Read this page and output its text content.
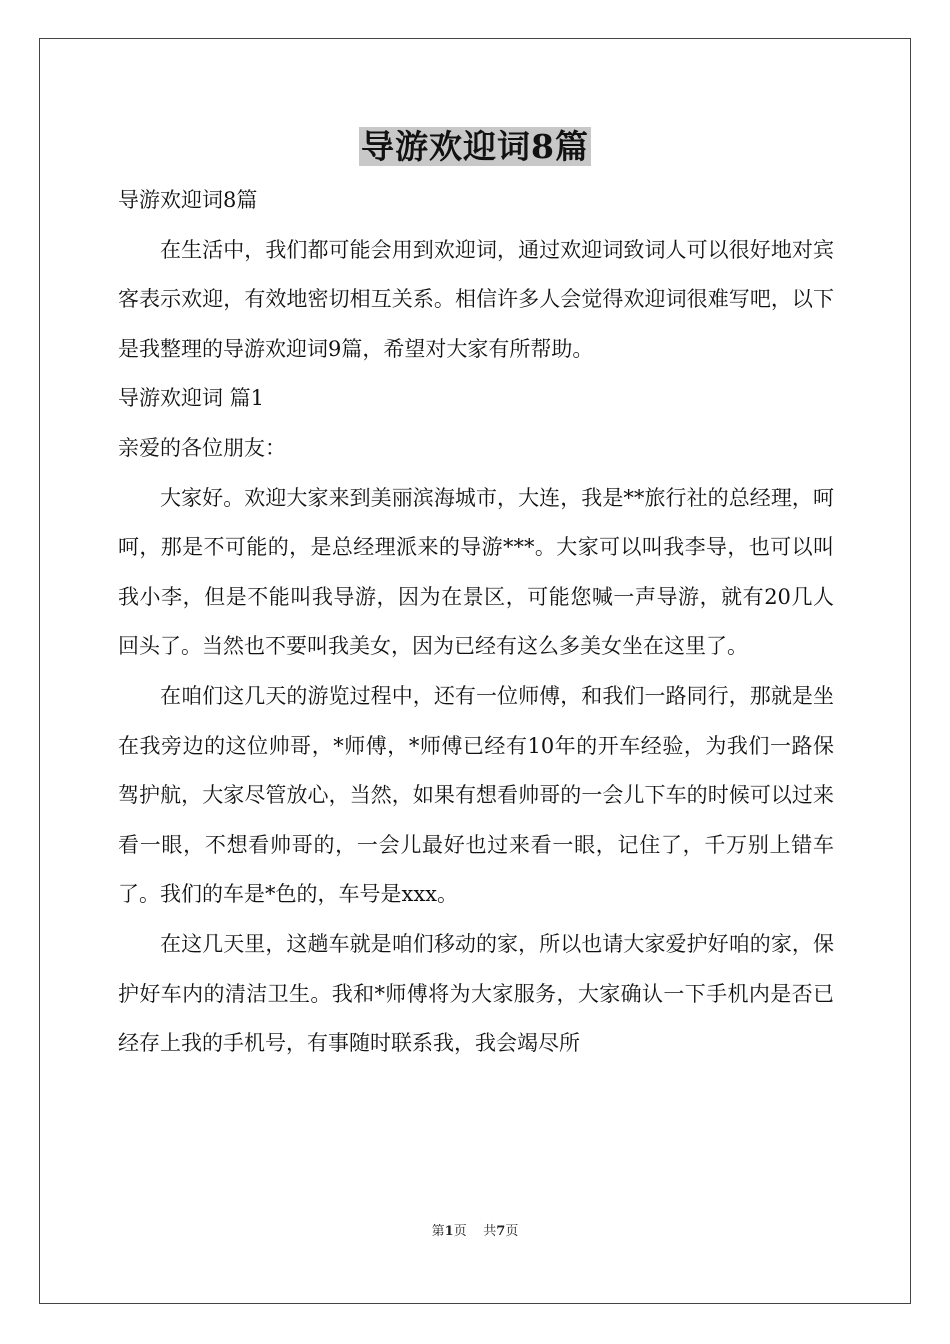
导游欢迎词8篇
导游欢迎词8篇
在生活中，我们都可能会用到欢迎词，通过欢迎词致词人可以很好地对宾客表示欢迎，有效地密切相互关系。相信许多人会觉得欢迎词很难写吧，以下是我整理的导游欢迎词9篇，希望对大家有所帮助。
导游欢迎词 篇1
亲爱的各位朋友：
大家好。欢迎大家来到美丽滨海城市，大连，我是**旅行社的总经理，呵呵，那是不可能的，是总经理派来的导游***。大家可以叫我李导，也可以叫我小李，但是不能叫我导游，因为在景区，可能您喊一声导游，就有20几人回头了。当然也不要叫我美女，因为已经有这么多美女坐在这里了。
在咱们这几天的游览过程中，还有一位师傅，和我们一路同行，那就是坐在我旁边的这位帅哥，*师傅，*师傅已经有10年的开车经验，为我们一路保驾护航，大家尽管放心，当然，如果有想看帅哥的一会儿下车的时候可以过来看一眼，不想看帅哥的，一会儿最好也过来看一眼，记住了，千万别上错车了。我们的车是*色的，车号是xxx。
在这几天里，这趟车就是咱们移动的家，所以也请大家爱护好咱的家，保护好车内的清洁卫生。我和*师傅将为大家服务，大家确认一下手机内是否已经存上我的手机号，有事随时联系我，我会竭尽所
第1页 共7页
